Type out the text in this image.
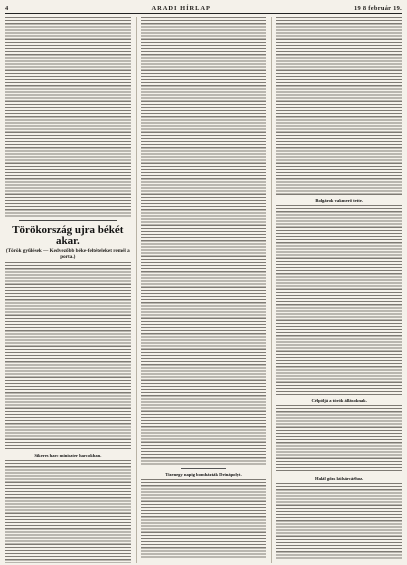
4	ARADI HÍRLAP	19 8 február 19.
Törökország ujra békét akar.
(Török gyűlések — Kedvezőbb béke-feltételeket remél a porta.)
Sikeres harc miniszter harcokban.
Tizenegy napig bombázták Drinápolyt.
Bolgárok vakmerő tette.
Célpóljá a török állásoknak.
Halál gőzs külsárcáéhoz.
